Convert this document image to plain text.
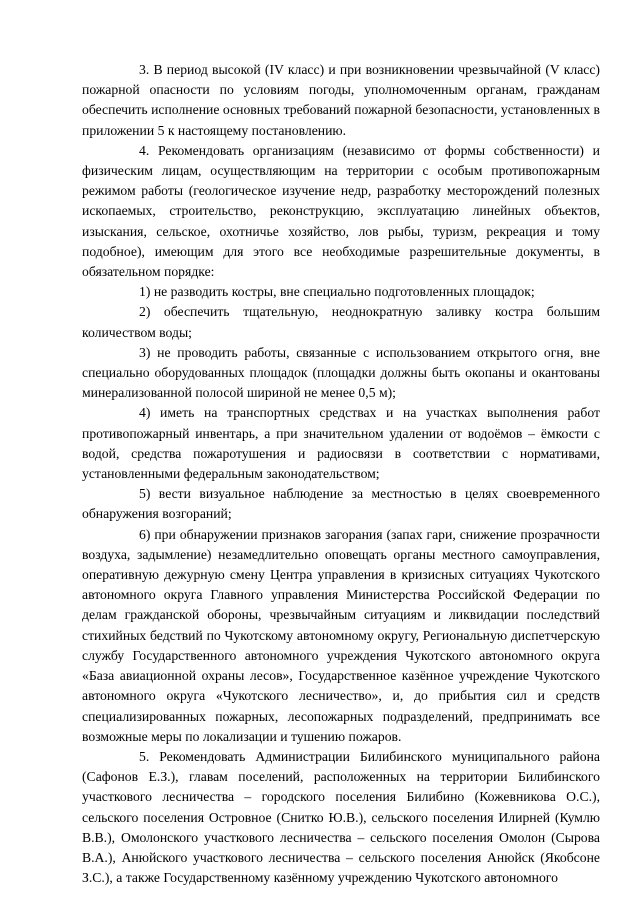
3. В период высокой (IV класс) и при возникновении чрезвычайной (V класс) пожарной опасности по условиям погоды, уполномоченным органам, гражданам обеспечить исполнение основных требований пожарной безопасности, установленных в приложении 5 к настоящему постановлению.

4. Рекомендовать организациям (независимо от формы собственности) и физическим лицам, осуществляющим на территории с особым противопожарным режимом работы (геологическое изучение недр, разработку месторождений полезных ископаемых, строительство, реконструкцию, эксплуатацию линейных объектов, изыскания, сельское, охотничье хозяйство, лов рыбы, туризм, рекреация и тому подобное), имеющим для этого все необходимые разрешительные документы, в обязательном порядке:

1) не разводить костры, вне специально подготовленных площадок;

2) обеспечить тщательную, неоднократную заливку костра большим количеством воды;

3) не проводить работы, связанные с использованием открытого огня, вне специально оборудованных площадок (площадки должны быть окопаны и окантованы минерализованной полосой шириной не менее 0,5 м);

4) иметь на транспортных средствах и на участках выполнения работ противопожарный инвентарь, а при значительном удалении от водоёмов – ёмкости с водой, средства пожаротушения и радиосвязи в соответствии с нормативами, установленными федеральным законодательством;

5) вести визуальное наблюдение за местностью в целях своевременного обнаружения возгораний;

6) при обнаружении признаков загорания (запах гари, снижение прозрачности воздуха, задымление) незамедлительно оповещать органы местного самоуправления, оперативную дежурную смену Центра управления в кризисных ситуациях Чукотского автономного округа Главного управления Министерства Российской Федерации по делам гражданской обороны, чрезвычайным ситуациям и ликвидации последствий стихийных бедствий по Чукотскому автономному округу, Региональную диспетчерскую службу Государственного автономного учреждения Чукотского автономного округа «База авиационной охраны лесов», Государственное казённое учреждение Чукотского автономного округа «Чукотского лесничество», и, до прибытия сил и средств специализированных пожарных, лесопожарных подразделений, предпринимать все возможные меры по локализации и тушению пожаров.

5. Рекомендовать Администрации Билибинского муниципального района (Сафонов Е.З.), главам поселений, расположенных на территории Билибинского участкового лесничества – городского поселения Билибино (Кожевникова О.С.), сельского поселения Островное (Снитко Ю.В.), сельского поселения Илирней (Кумлю В.В.), Омолонского участкового лесничества – сельского поселения Омолон (Сырова В.А.), Анюйского участкового лесничества – сельского поселения Анюйск (Якобсоне З.С.), а также Государственному казённому учреждению Чукотского автономного
